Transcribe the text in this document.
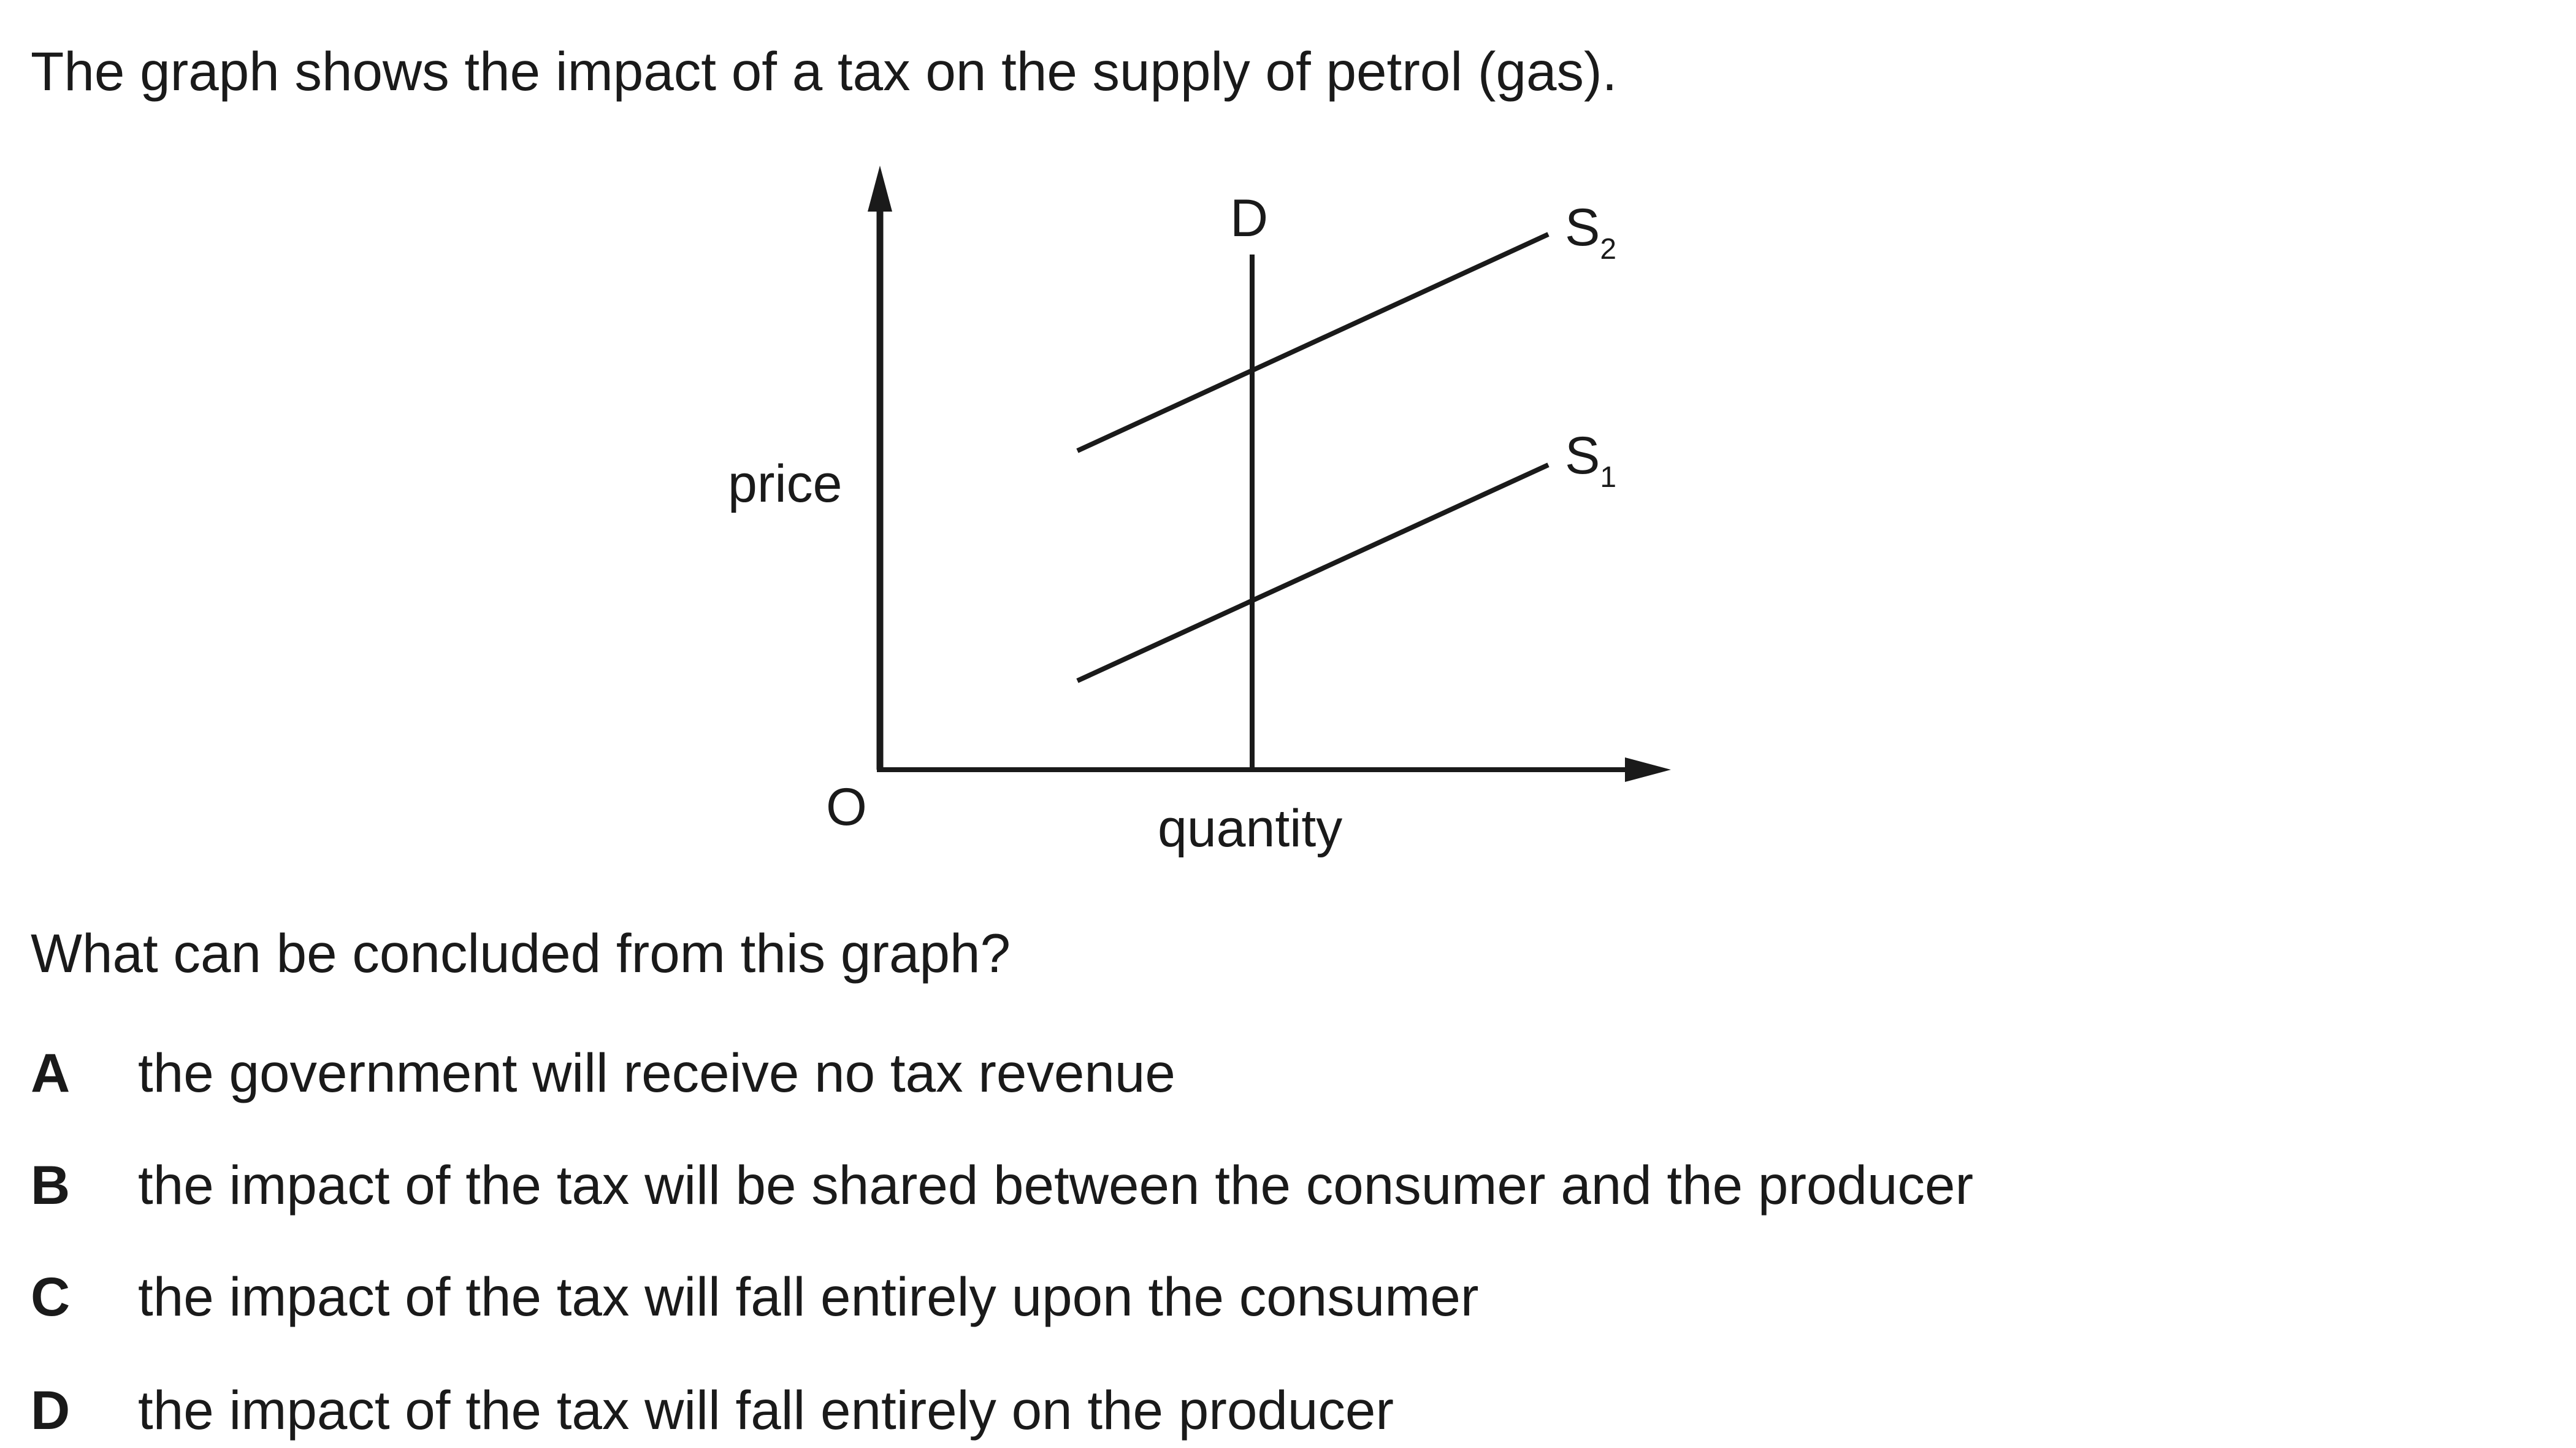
The graph shows the impact of a tax on the supply of petrol (gas).
price
quantity
O
D	$S_2$
$S_1$
What can be concluded from this graph?
A the government will receive no tax revenue
B the impact of the tax will be shared between the consumer and the producer
C the impact of the tax will fall entirely upon the consumer
D the impact of the tax will fall entirely on the producer
